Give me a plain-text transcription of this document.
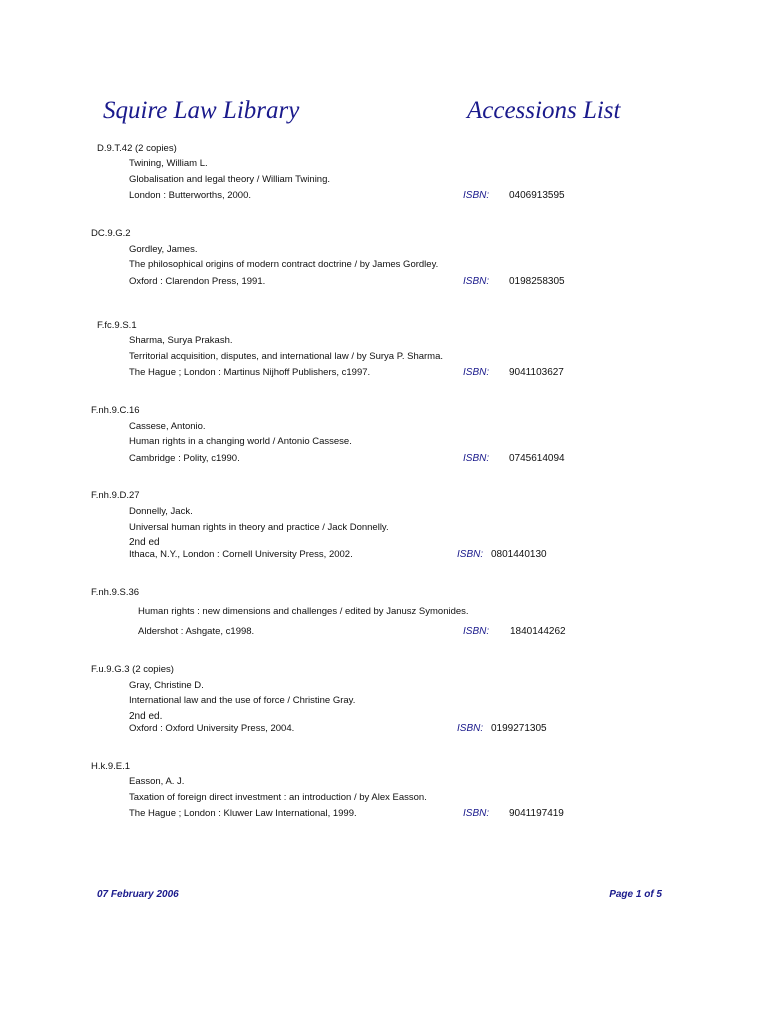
Squire Law Library	Accessions List
D.9.T.42 (2 copies)
Twining, William L.
Globalisation and legal theory / William Twining.
London : Butterworths, 2000.	ISBN: 0406913595
DC.9.G.2
Gordley, James.
The philosophical origins of modern contract doctrine / by James Gordley.
Oxford : Clarendon Press, 1991.	ISBN: 0198258305
F.fc.9.S.1
Sharma, Surya Prakash.
Territorial acquisition, disputes, and international law / by Surya P. Sharma.
The Hague ; London : Martinus Nijhoff Publishers, c1997.	ISBN: 9041103627
F.nh.9.C.16
Cassese, Antonio.
Human rights in a changing world / Antonio Cassese.
Cambridge : Polity, c1990.	ISBN: 0745614094
F.nh.9.D.27
Donnelly, Jack.
Universal human rights in theory and practice / Jack Donnelly.
2nd ed
Ithaca, N.Y., London : Cornell University Press, 2002.	ISBN: 0801440130
F.nh.9.S.36
Human rights : new dimensions and challenges / edited by Janusz Symonides.
Aldershot : Ashgate, c1998.	ISBN: 1840144262
F.u.9.G.3 (2 copies)
Gray, Christine D.
International law and the use of force / Christine Gray.
2nd ed.
Oxford : Oxford University Press, 2004.	ISBN: 0199271305
H.k.9.E.1
Easson, A. J.
Taxation of foreign direct investment : an introduction / by Alex Easson.
The Hague ; London : Kluwer Law International, 1999.	ISBN: 9041197419
07 February 2006	Page 1 of 5
